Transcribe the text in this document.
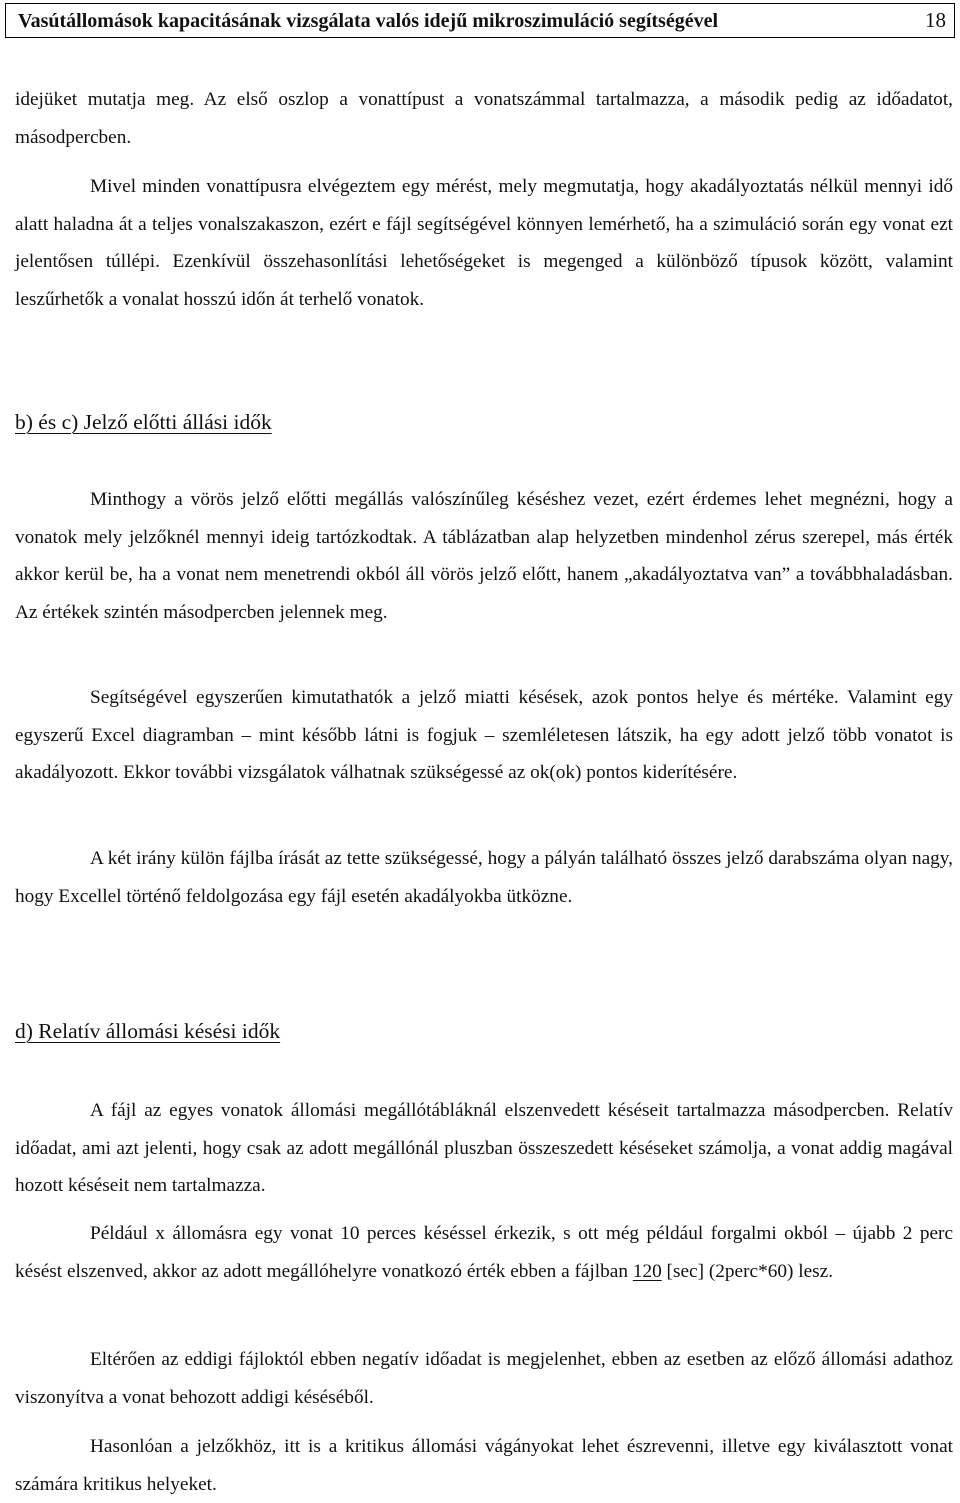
Vasútállomások kapacitásának vizsgálata valós idejű mikroszimuláció segítségével	18

idejüket mutatja meg. Az első oszlop a vonattípust a vonatszámmal tartalmazza, a második pedig az időadatot, másodpercben.

Mivel minden vonattípusra elvégeztem egy mérést, mely megmutatja, hogy akadályoztatás nélkül mennyi idő alatt haladna át a teljes vonalszakaszon, ezért e fájl segítségével könnyen lemérhető, ha a szimuláció során egy vonat ezt jelentősen túllépi. Ezenkívül összehasonlítási lehetőségeket is megenged a különböző típusok között, valamint leszűrhetők a vonalat hosszú időn át terhelő vonatok.

b) és c) Jelző előtti állási idők

Minthogy a vörös jelző előtti megállás valószínűleg késéshez vezet, ezért érdemes lehet megnézni, hogy a vonatok mely jelzőknél mennyi ideig tartózkodtak. A táblázatban alap helyzetben mindenhol zérus szerepel, más érték akkor kerül be, ha a vonat nem menetrendi okból áll vörös jelző előtt, hanem „akadályoztatva van” a továbbhaladásban. Az értékek szintén másodpercben jelennek meg.

Segítségével egyszerűen kimutathatók a jelző miatti késések, azok pontos helye és mértéke. Valamint egy egyszerű Excel diagramban – mint később látni is fogjuk – szemléletesen látszik, ha egy adott jelző több vonatot is akadályozott. Ekkor további vizsgálatok válhatnak szükségessé az ok(ok) pontos kiderítésére.

A két irány külön fájlba írását az tette szükségessé, hogy a pályán található összes jelző darabszáma olyan nagy, hogy Excellel történő feldolgozása egy fájl esetén akadályokba ütközne.

d) Relatív állomási késési idők

A fájl az egyes vonatok állomási megállótábláknál elszenvedett késéseit tartalmazza másodpercben. Relatív időadat, ami azt jelenti, hogy csak az adott megállónál pluszban összeszedett késéseket számolja, a vonat addig magával hozott késéseit nem tartalmazza.

Például x állomásra egy vonat 10 perces késéssel érkezik, s ott még például forgalmi okból – újabb 2 perc késést elszenved, akkor az adott megállóhelyre vonatkozó érték ebben a fájlban 120 [sec] (2perc*60) lesz.

Eltérően az eddigi fájloktól ebben negatív időadat is megjelenhet, ebben az esetben az előző állomási adathoz viszonyítva a vonat behozott addigi késéséből.

Hasonlóan a jelzőkhöz, itt is a kritikus állomási vágányokat lehet észrevenni, illetve egy kiválasztott vonat számára kritikus helyeket.
